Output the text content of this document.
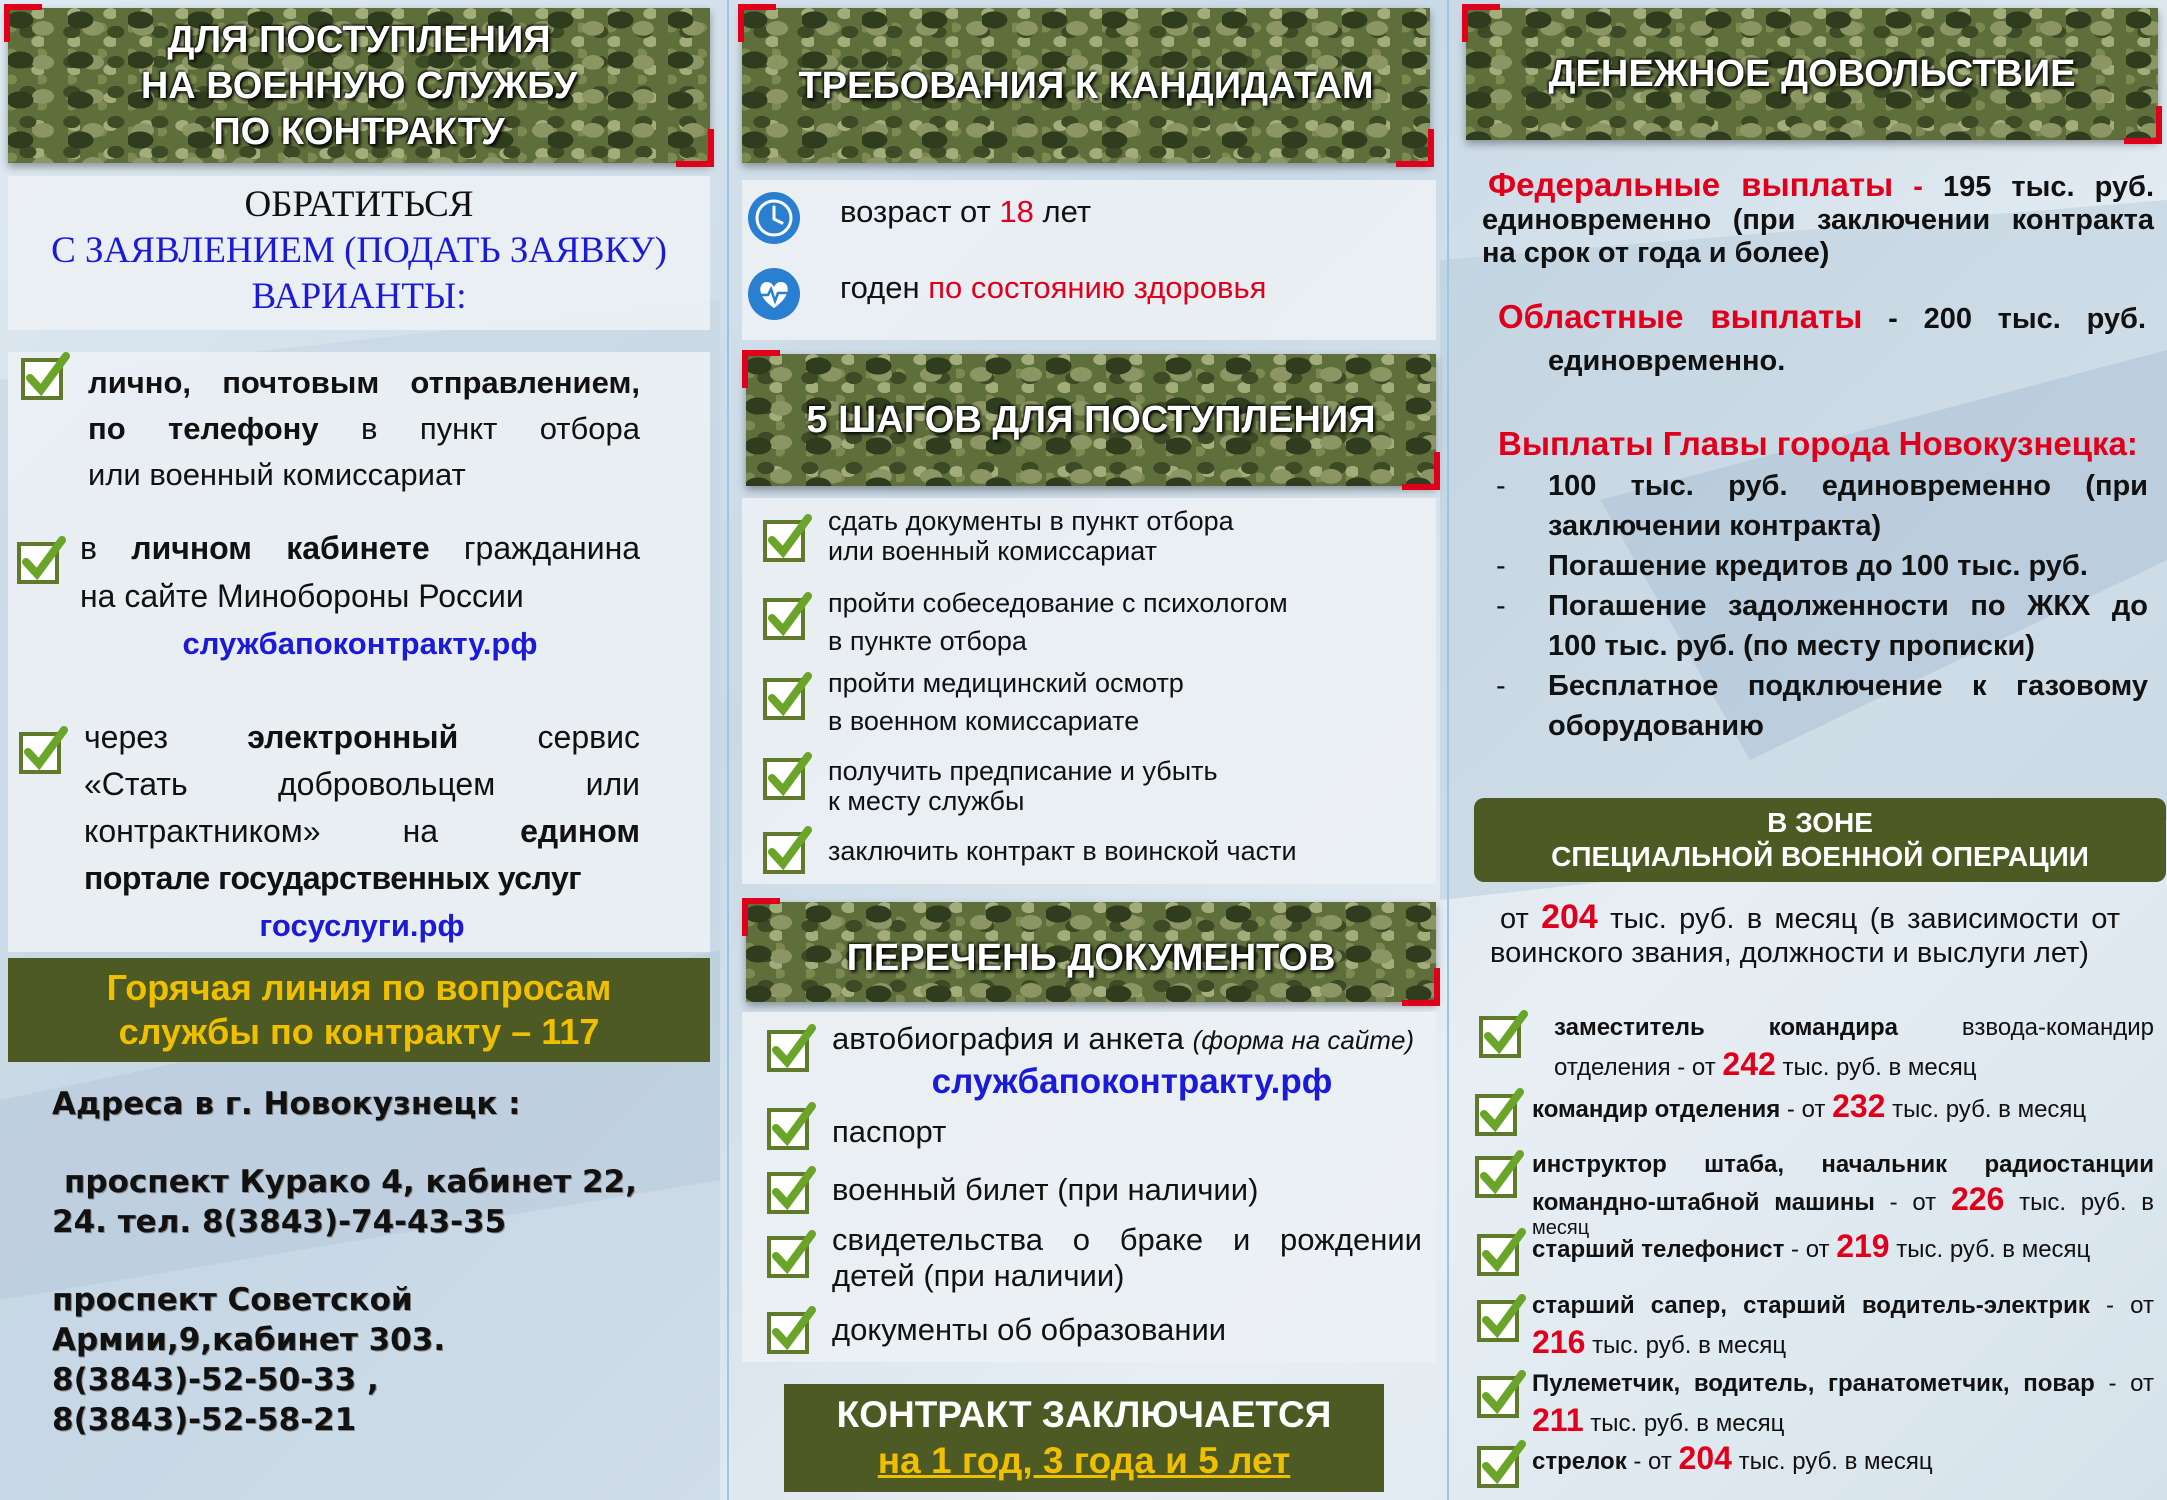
ДЛЯ ПОСТУПЛЕНИЯ
НА ВОЕННУЮ СЛУЖБУ
ПО КОНТРАКТУ
ОБРАТИТЬСЯ
С ЗАЯВЛЕНИЕМ (ПОДАТЬ ЗАЯВКУ)
ВАРИАНТЫ:
лично, почтовым отправлением,
по телефону в пункт отбора
или военный комиссариат
в личном кабинете гражданина
на сайте Минобороны России
службапоконтракту.рф
через электронный сервис
«Стать	добровольцем	или
контрактником»	на	едином
портале государственных услуг
госуслуги.рф
Горячая линия по вопросам
службы по контракту – 117
Адреса в г. Новокузнецк :
проспект Курако 4, кабинет 22,
24. тел. 8(3843)-74-43-35
проспект Советской
Армии,9,кабинет 303.
8(3843)-52-50-33 ,
8(3843)-52-58-21
ТРЕБОВАНИЯ К КАНДИДАТАМ
возраст от 18 лет
годен по состоянию здоровья
5 ШАГОВ ДЛЯ ПОСТУПЛЕНИЯ
сдать документы в пункт отбора
или военный комиссариат
пройти собеседование с психологом
в пункте отбора
пройти медицинский осмотр
в военном комиссариате
получить предписание и убыть
к месту службы
заключить контракт в воинской части
ПЕРЕЧЕНЬ ДОКУМЕНТОВ
автобиография и анкета (форма на сайте)
службапоконтракту.рф
паспорт
военный билет (при наличии)
свидетельства о браке и рождении
детей (при наличии)
документы об образовании
КОНТРАКТ ЗАКЛЮЧАЕТСЯ
на 1 год, 3 года и 5 лет
ДЕНЕЖНОЕ ДОВОЛЬСТВИЕ
Федеральные выплаты - 195 тыс. руб.
единовременно (при заключении контракта
на срок от года и более)
Областные выплаты - 200 тыс. руб.
единовременно.
Выплаты Главы города Новокузнецка:
-	100 тыс. руб. единовременно (при
заключении контракта)
-	Погашение кредитов до 100 тыс. руб.
-	Погашение задолженности по ЖКХ до
100 тыс. руб. (по месту прописки)
-	Бесплатное подключение к газовому
оборудованию
В ЗОНЕ
СПЕЦИАЛЬНОЙ ВОЕННОЙ ОПЕРАЦИИ
от 204 тыс. руб. в месяц (в зависимости от
воинского звания, должности и выслуги лет)
заместитель командира	взвода-командир
отделения - от 242 тыс. руб. в месяц
командир отделения - от 232 тыс. руб. в месяц
инструктор штаба, начальник радиостанции
командно-штабной машины - от 226 тыс. руб. в
месяц
старший телефонист - от 219 тыс. руб. в месяц
старший сапер, старший водитель-электрик - от
216 тыс. руб. в месяц
Пулеметчик, водитель, гранатометчик, повар - от
211 тыс. руб. в месяц
стрелок - от 204 тыс. руб. в месяц
